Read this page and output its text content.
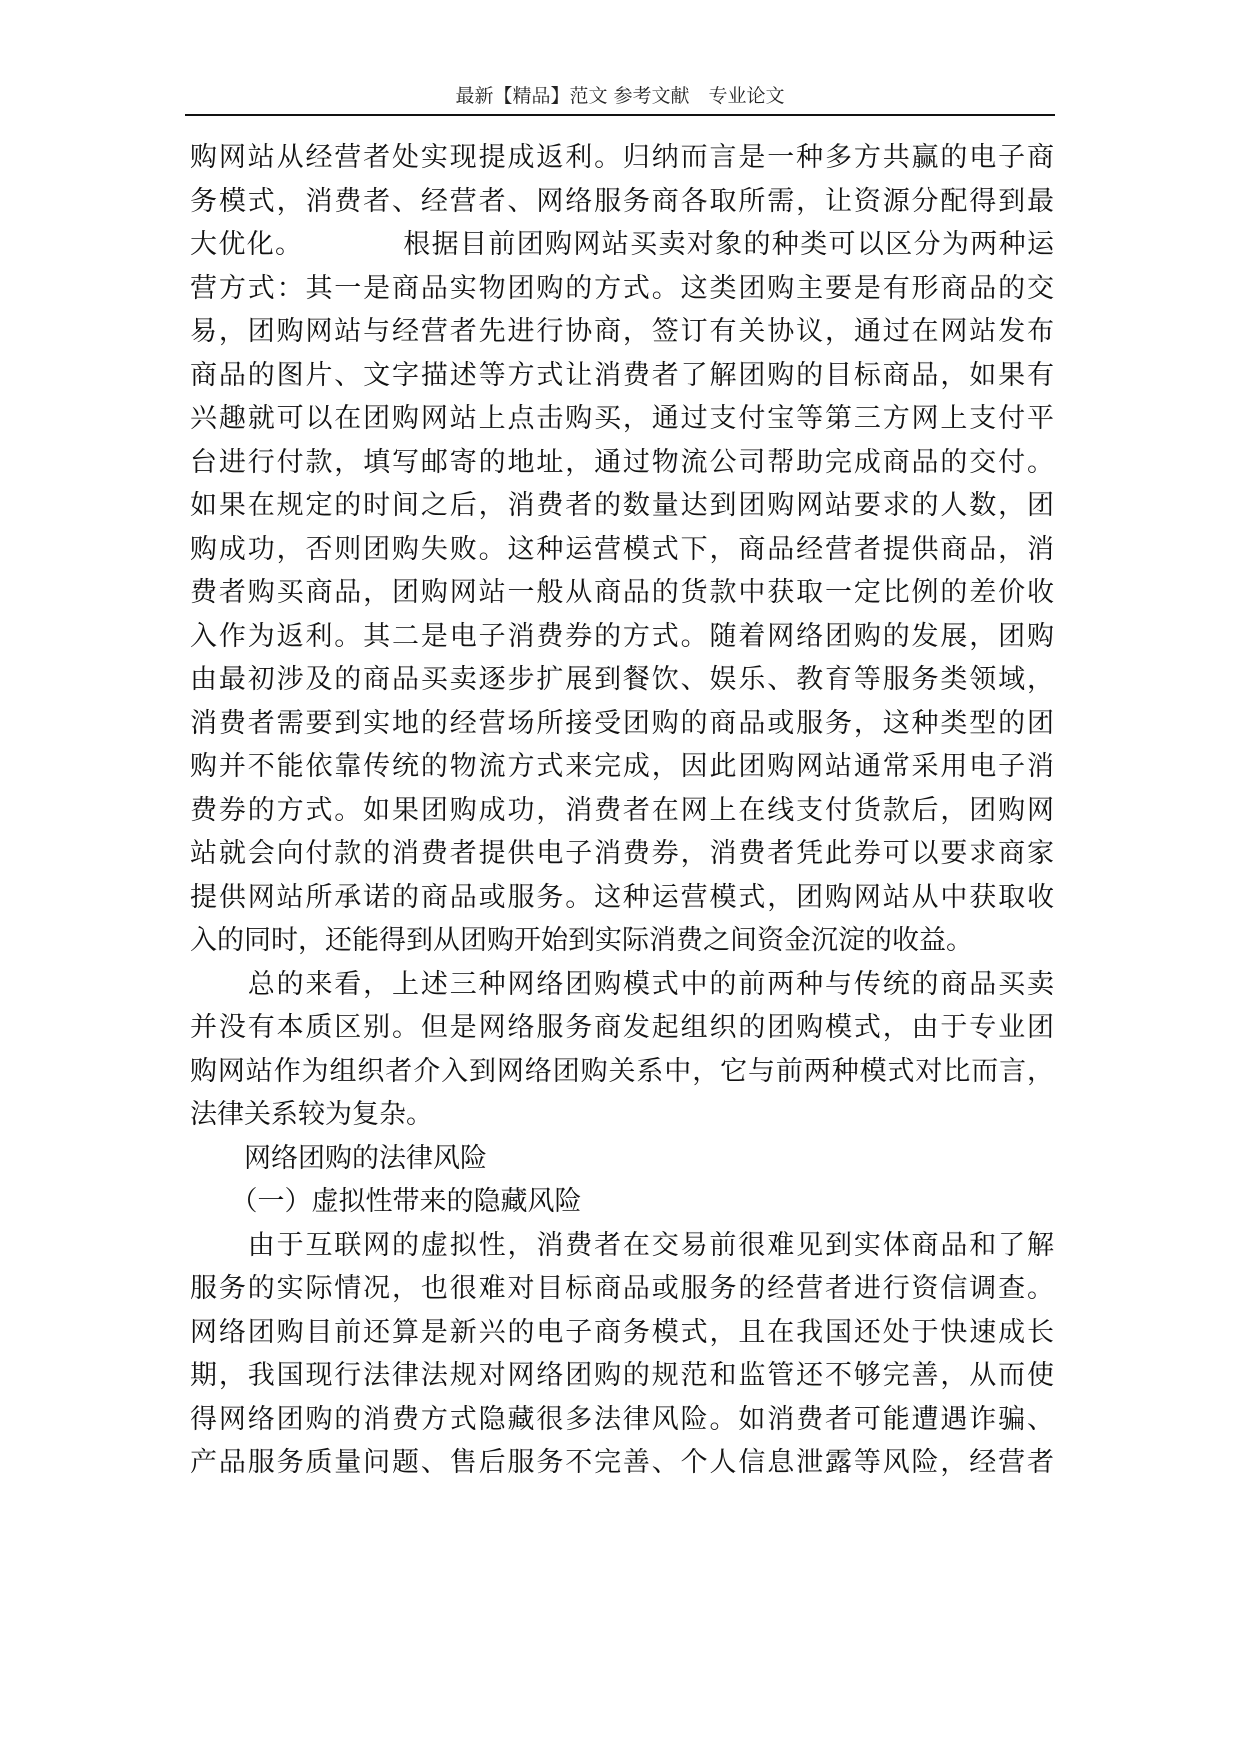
最新【精品】范文 参考文献　专业论文
购网站从经营者处实现提成返利。归纳而言是一种多方共赢的电子商
务模式，消费者、经营者、网络服务商各取所需，让资源分配得到最
大优化。　　　　根据目前团购网站买卖对象的种类可以区分为两种运
营方式：其一是商品实物团购的方式。这类团购主要是有形商品的交
易，团购网站与经营者先进行协商，签订有关协议，通过在网站发布
商品的图片、文字描述等方式让消费者了解团购的目标商品，如果有
兴趣就可以在团购网站上点击购买，通过支付宝等第三方网上支付平
台进行付款，填写邮寄的地址，通过物流公司帮助完成商品的交付。
如果在规定的时间之后，消费者的数量达到团购网站要求的人数，团
购成功，否则团购失败。这种运营模式下，商品经营者提供商品，消
费者购买商品，团购网站一般从商品的货款中获取一定比例的差价收
入作为返利。其二是电子消费券的方式。随着网络团购的发展，团购
由最初涉及的商品买卖逐步扩展到餐饮、娱乐、教育等服务类领域，
消费者需要到实地的经营场所接受团购的商品或服务，这种类型的团
购并不能依靠传统的物流方式来完成，因此团购网站通常采用电子消
费券的方式。如果团购成功，消费者在网上在线支付货款后，团购网
站就会向付款的消费者提供电子消费券，消费者凭此券可以要求商家
提供网站所承诺的商品或服务。这种运营模式，团购网站从中获取收
入的同时，还能得到从团购开始到实际消费之间资金沉淀的收益。
　　总的来看，上述三种网络团购模式中的前两种与传统的商品买卖
并没有本质区别。但是网络服务商发起组织的团购模式，由于专业团
购网站作为组织者介入到网络团购关系中，它与前两种模式对比而言，
法律关系较为复杂。
　　网络团购的法律风险
　　（一）虚拟性带来的隐藏风险
　　由于互联网的虚拟性，消费者在交易前很难见到实体商品和了解
服务的实际情况，也很难对目标商品或服务的经营者进行资信调查。
网络团购目前还算是新兴的电子商务模式，且在我国还处于快速成长
期，我国现行法律法规对网络团购的规范和监管还不够完善，从而使
得网络团购的消费方式隐藏很多法律风险。如消费者可能遭遇诈骗、
产品服务质量问题、售后服务不完善、个人信息泄露等风险，经营者
